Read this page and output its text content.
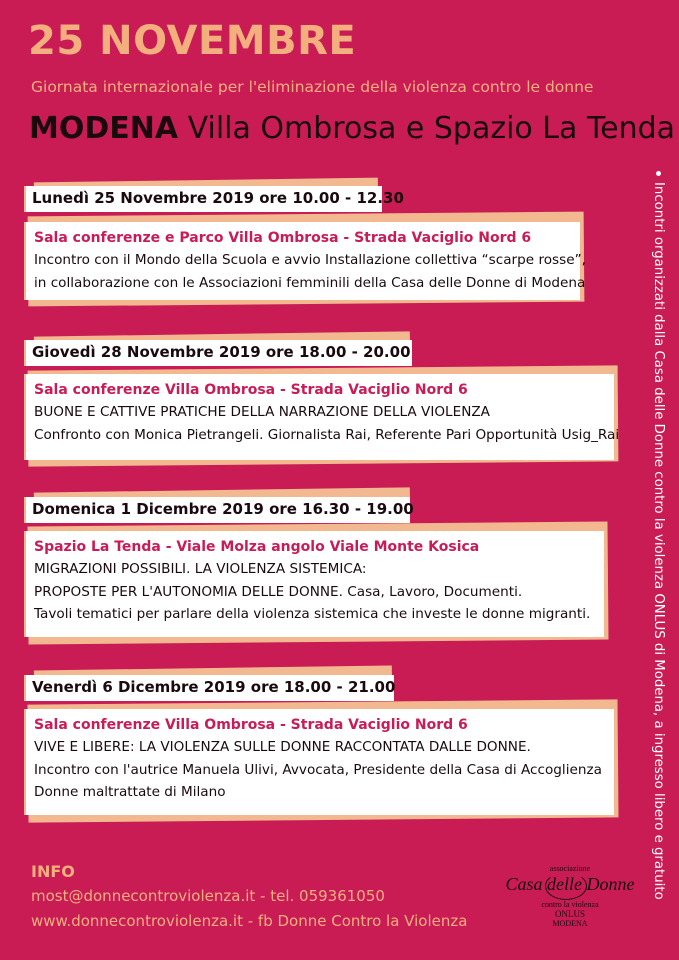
25 NOVEMBRE

Giornata internazionale per l'eliminazione della violenza contro le donne

MODENA Villa Ombrosa e Spazio La Tenda

Lunedì 25 Novembre 2019 ore 10.00 - 12.30
Sala conferenze e Parco Villa Ombrosa - Strada Vaciglio Nord 6
Incontro con il Mondo della Scuola e avvio Installazione collettiva “scarpe rosse”,
in collaborazione con le Associazioni femminili della Casa delle Donne di Modena
Giovedì 28 Novembre 2019 ore 18.00 - 20.00
Sala conferenze Villa Ombrosa - Strada Vaciglio Nord 6
BUONE E CATTIVE PRATICHE DELLA NARRAZIONE DELLA VIOLENZA
Confronto con Monica Pietrangeli. Giornalista Rai, Referente Pari Opportunità Usig_Rai
Domenica 1 Dicembre 2019 ore 16.30 - 19.00
Spazio La Tenda - Viale Molza angolo Viale Monte Kosica
MIGRAZIONI POSSIBILI. LA VIOLENZA SISTEMICA:
PROPOSTE PER L'AUTONOMIA DELLE DONNE. Casa, Lavoro, Documenti.
Tavoli tematici per parlare della violenza sistemica che investe le donne migranti.
Venerdì 6 Dicembre 2019 ore 18.00 - 21.00
Sala conferenze Villa Ombrosa - Strada Vaciglio Nord 6
VIVE E LIBERE: LA VIOLENZA SULLE DONNE RACCONTATA DALLE DONNE.
Incontro con l'autrice Manuela Ulivi, Avvocata, Presidente della Casa di Accoglienza
Donne maltrattate di Milano	Incontri organizzati dalla Casa delle Donne contro la violenza ONLUS di Modena, a ingresso libero e gratuito
INFO
most@donnecontroviolenza.it - tel. 059361050
www.donnecontroviolenza.it - fb Donne Contro la Violenza
associazione
Casa delle Donne
contro la violenza
ONLUS
MODENA
